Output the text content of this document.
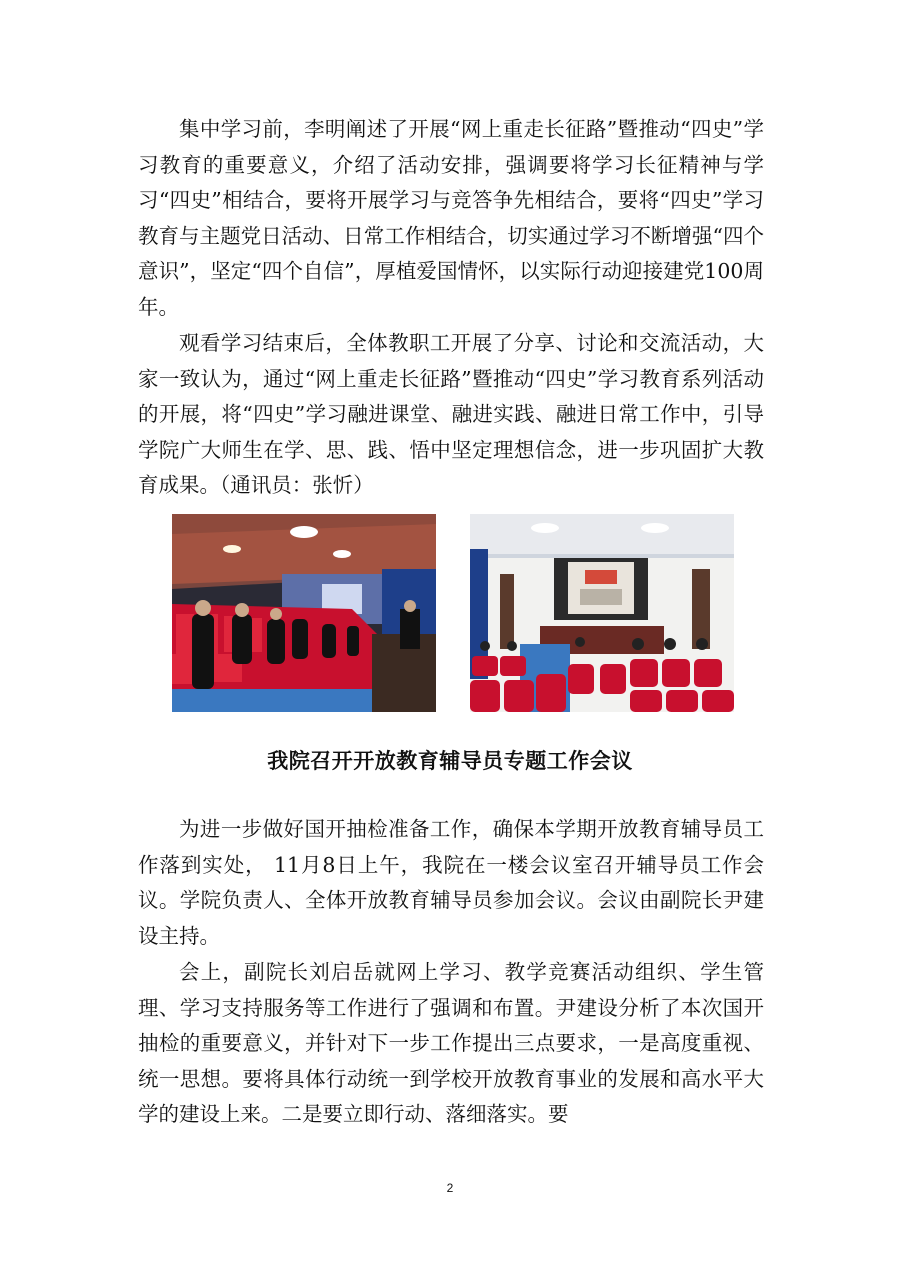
集中学习前，李明阐述了开展“网上重走长征路”暨推动“四史”学习教育的重要意义，介绍了活动安排，强调要将学习长征精神与学习“四史”相结合，要将开展学习与竞答争先相结合，要将“四史”学习教育与主题党日活动、日常工作相结合，切实通过学习不断增强“四个意识”，坚定“四个自信”，厚植爱国情怀，以实际行动迎接建党100周年。

观看学习结束后，全体教职工开展了分享、讨论和交流活动，大家一致认为，通过“网上重走长征路”暨推动“四史”学习教育系列活动的开展，将“四史”学习融进课堂、融进实践、融进日常工作中，引导学院广大师生在学、思、践、悟中坚定理想信念，进一步巩固扩大教育成果。（通讯员：张忻）

我院召开开放教育辅导员专题工作会议

为进一步做好国开抽检准备工作，确保本学期开放教育辅导员工作落到实处， 11月8日上午，我院在一楼会议室召开辅导员工作会议。学院负责人、全体开放教育辅导员参加会议。会议由副院长尹建设主持。

会上，副院长刘启岳就网上学习、教学竞赛活动组织、学生管理、学习支持服务等工作进行了强调和布置。尹建设分析了本次国开抽检的重要意义，并针对下一步工作提出三点要求，一是高度重视、统一思想。要将具体行动统一到学校开放教育事业的发展和高水平大学的建设上来。二是要立即行动、落细落实。要

2
